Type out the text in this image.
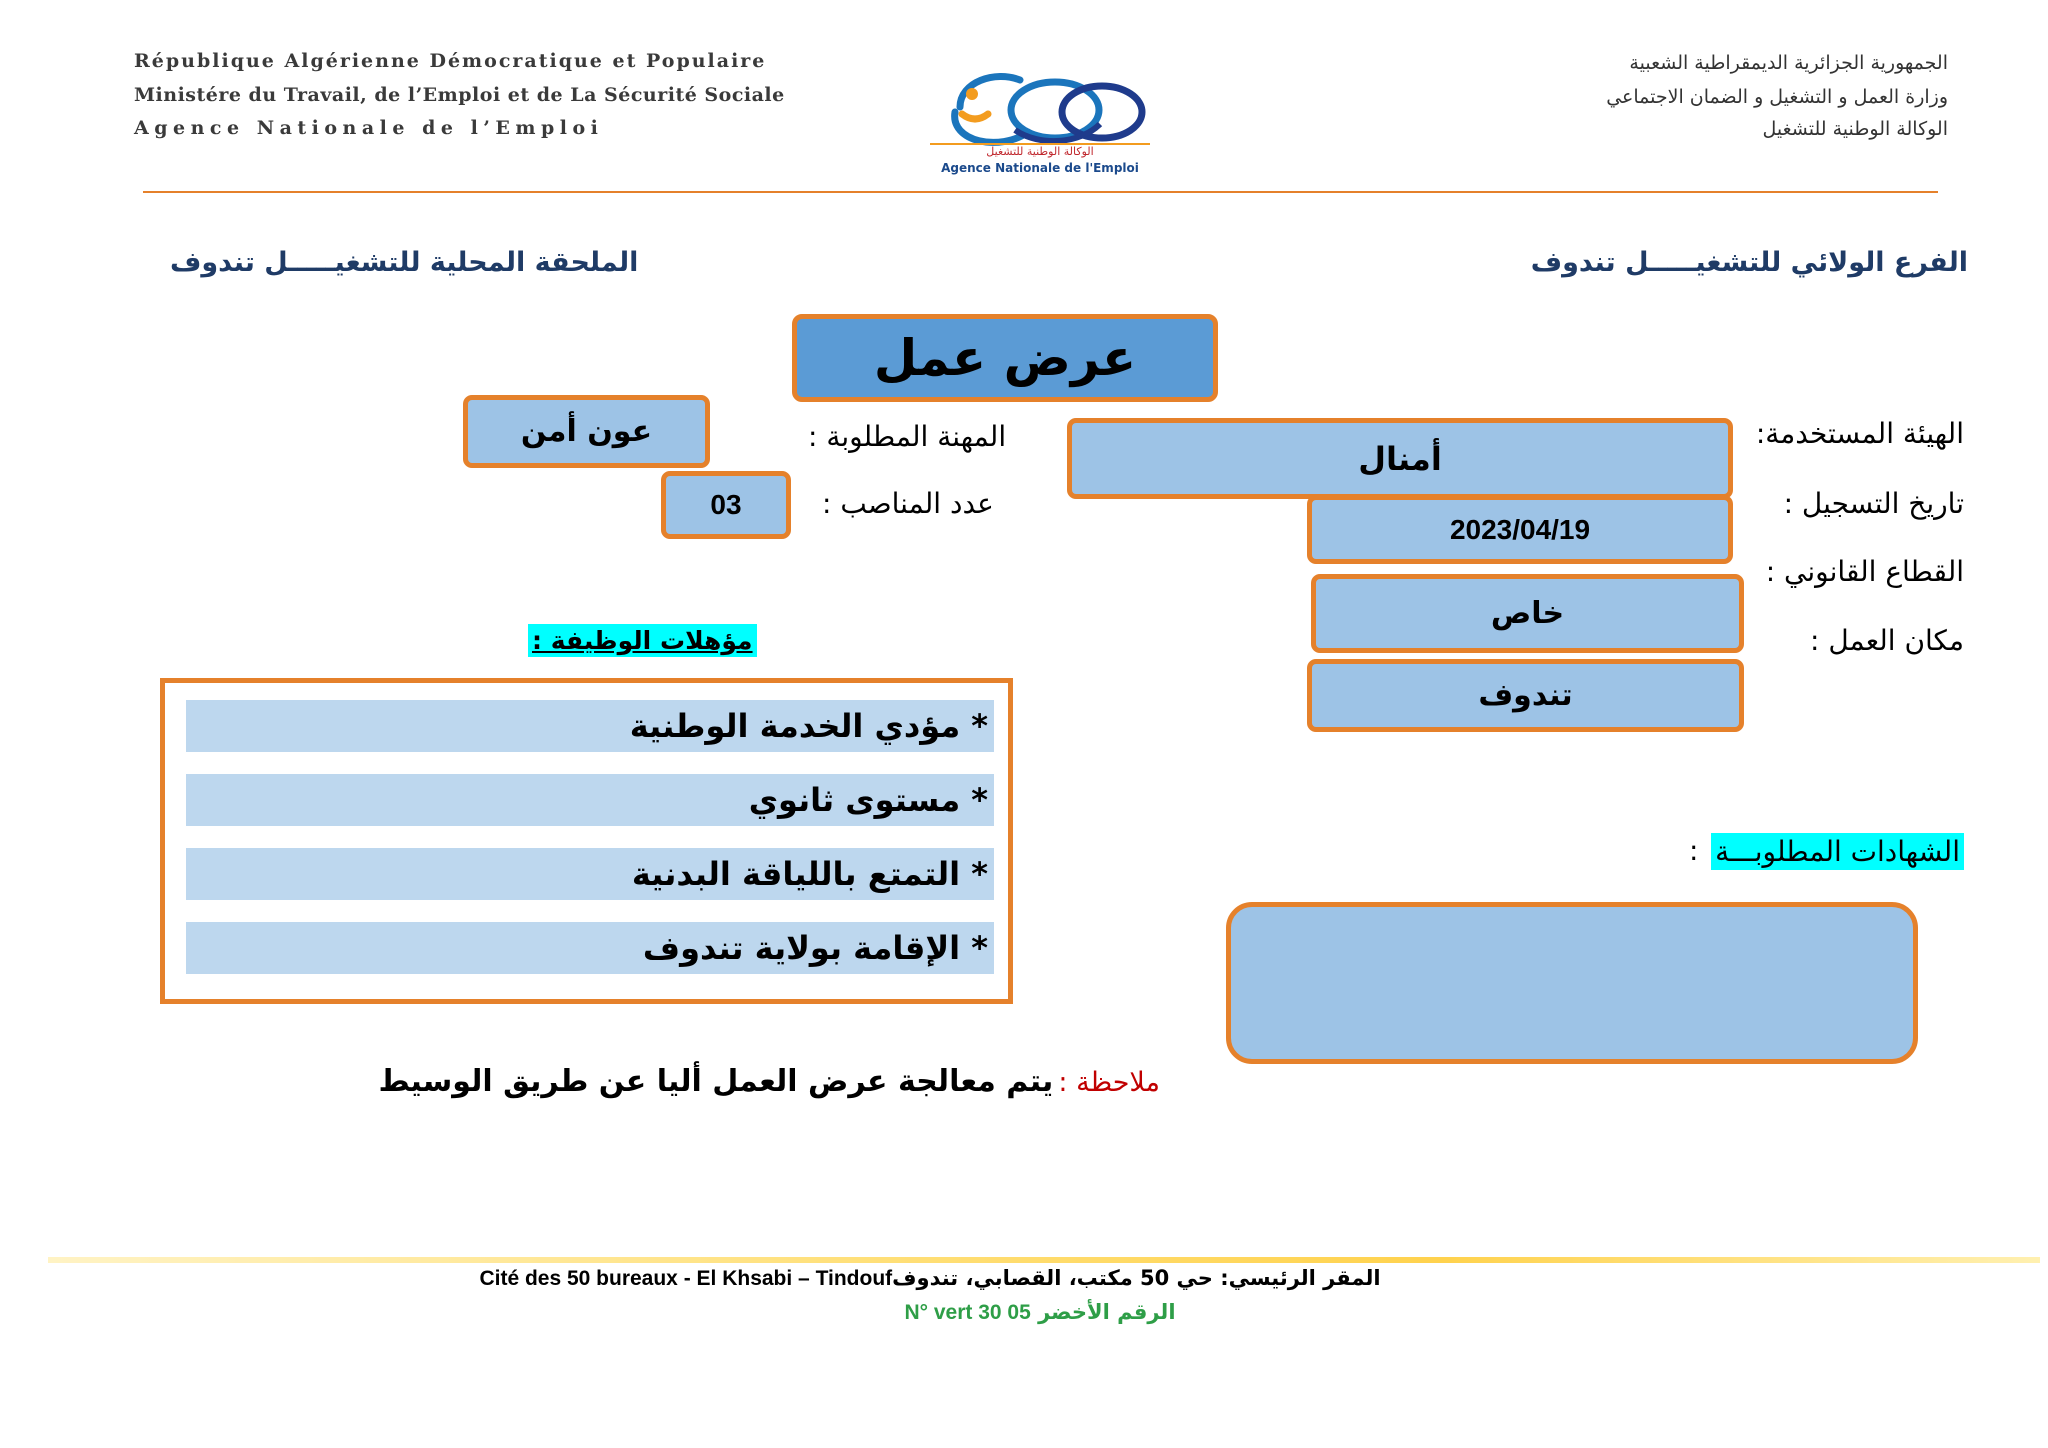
République Algérienne Démocratique et Populaire
Ministére du Travail, de l’Emploi et de La Sécurité Sociale
Agence Nationale de l’Emploi
الوكالة الوطنية للتشغيل
Agence Nationale de l'Emploi
الجمهورية الجزائرية الديمقراطية الشعبية
وزارة العمل و التشغيل و الضمان الاجتماعي
الوكالة الوطنية للتشغيل
الفرع الولائي للتشغيـــــل تندوف
الملحقة المحلية للتشغيـــــل تندوف
عرض عمل
الهيئة المستخدمة:
أمنال
تاريخ التسجيل :
2023/04/19
القطاع القانوني :
خاص
مكان العمل :
تندوف
المهنة المطلوبة :
عون أمن
عدد المناصب :
03
مؤهلات الوظيفة :
* مؤدي الخدمة الوطنية
* مستوى ثانوي
* التمتع باللياقة البدنية
* الإقامة بولاية تندوف
الشهادات المطلوبـــة
:
ملاحظة : يتم معالجة عرض العمل أليا عن طريق الوسيط
Cité des 50 bureaux - El Khsabi – Tindoufالمقر الرئيسي: حي 50 مكتب، القصابي، تندوف
N° vert 30 05 الرقم الأخضر
